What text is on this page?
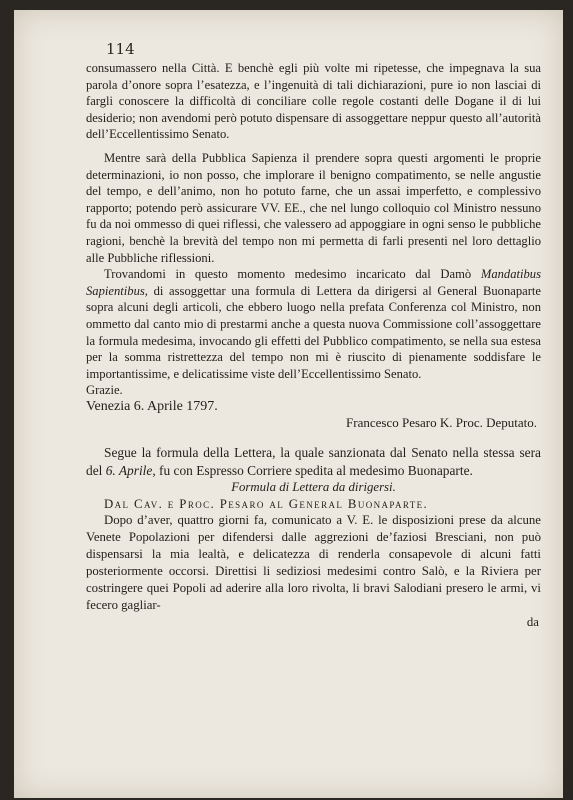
114

consumassero nella Città. E benchè egli più volte mi ripetesse, che impegnava la sua parola d’onore sopra l’esatezza, e l’ingenuità di tali dichiarazioni, pure io non lasciai di fargli conoscere la difficoltà di conciliare colle regole costanti delle Dogane il di lui desiderio; non avendomi però potuto dispensare di assoggettare neppur questo all’autorità dell’Eccellentissimo Senato.

Mentre sarà della Pubblica Sapienza il prendere sopra questi argomenti le proprie determinazioni, io non posso, che implorare il benigno compatimento, se nelle angustie del tempo, e dell’animo, non ho potuto farne, che un assai imperfetto, e complessivo rapporto; potendo però assicurare VV. EE., che nel lungo colloquio col Ministro nessuno fu da noi ommesso di quei riflessi, che valessero ad appoggiare in ogni senso le pubbliche ragioni, benchè la brevità del tempo non mi permetta di farli presenti nel loro dettaglio alle Pubbliche riflessioni.

Trovandomi in questo momento medesimo incaricato dal Damò Mandatibus Sapientibus, di assoggettar una formula di Lettera da dirigersi al General Buonaparte sopra alcuni degli articoli, che ebbero luogo nella prefata Conferenza col Ministro, non ommetto dal canto mio di prestarmi anche a questa nuova Commissione coll’assoggettare la formula medesima, invocando gli effetti del Pubblico compatimento, se nella sua estesa per la somma ristrettezza del tempo non mi è riuscito di pienamente soddisfare le importantissime, e delicatissime viste dell’Eccellentissimo Senato.

Grazie.

Venezia 6. Aprile 1797.

Francesco Pesaro K. Proc. Deputato.

Segue la formula della Lettera, la quale sanzionata dal Senato nella stessa sera del 6. Aprile, fu con Espresso Corriere spedita al medesimo Buonaparte.

Formula di Lettera da dirigersi.

Dal Cav. e Proc. Pesaro al General Buonaparte.

Dopo d’aver, quattro giorni fa, comunicato a V. E. le disposizioni prese da alcune Venete Popolazioni per difendersi dalle aggrezioni de’faziosi Bresciani, non può dispensarsi la mia lealtà, e delicatezza di renderla consapevole di alcuni fatti posteriormente occorsi. Direttisi li sediziosi medesimi contro Salò, e la Riviera per costringere quei Popoli ad aderire alla loro rivolta, li bravi Salodiani presero le armi, vi fecero gagliar-

da
